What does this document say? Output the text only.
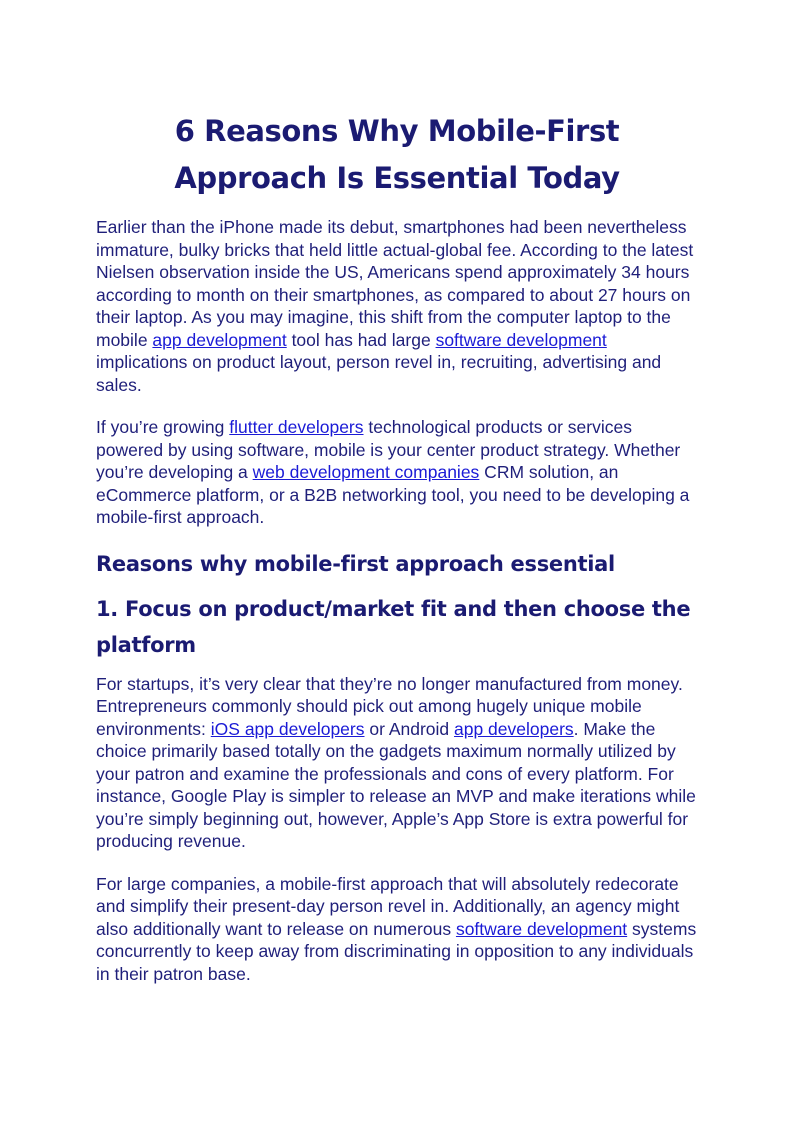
6 Reasons Why Mobile-First Approach Is Essential Today

Earlier than the iPhone made its debut, smartphones had been nevertheless immature, bulky bricks that held little actual-global fee. According to the latest Nielsen observation inside the US, Americans spend approximately 34 hours according to month on their smartphones, as compared to about 27 hours on their laptop. As you may imagine, this shift from the computer laptop to the mobile app development tool has had large software development implications on product layout, person revel in, recruiting, advertising and sales.

If you’re growing flutter developers technological products or services powered by using software, mobile is your center product strategy. Whether you’re developing a web development companies CRM solution, an eCommerce platform, or a B2B networking tool, you need to be developing a mobile-first approach.

Reasons why mobile-first approach essential
1. Focus on product/market fit and then choose the platform

For startups, it’s very clear that they’re no longer manufactured from money. Entrepreneurs commonly should pick out among hugely unique mobile environments: iOS app developers or Android app developers. Make the choice primarily based totally on the gadgets maximum normally utilized by your patron and examine the professionals and cons of every platform. For instance, Google Play is simpler to release an MVP and make iterations while you’re simply beginning out, however, Apple’s App Store is extra powerful for producing revenue.

For large companies, a mobile-first approach that will absolutely redecorate and simplify their present-day person revel in. Additionally, an agency might also additionally want to release on numerous software development systems concurrently to keep away from discriminating in opposition to any individuals in their patron base.
